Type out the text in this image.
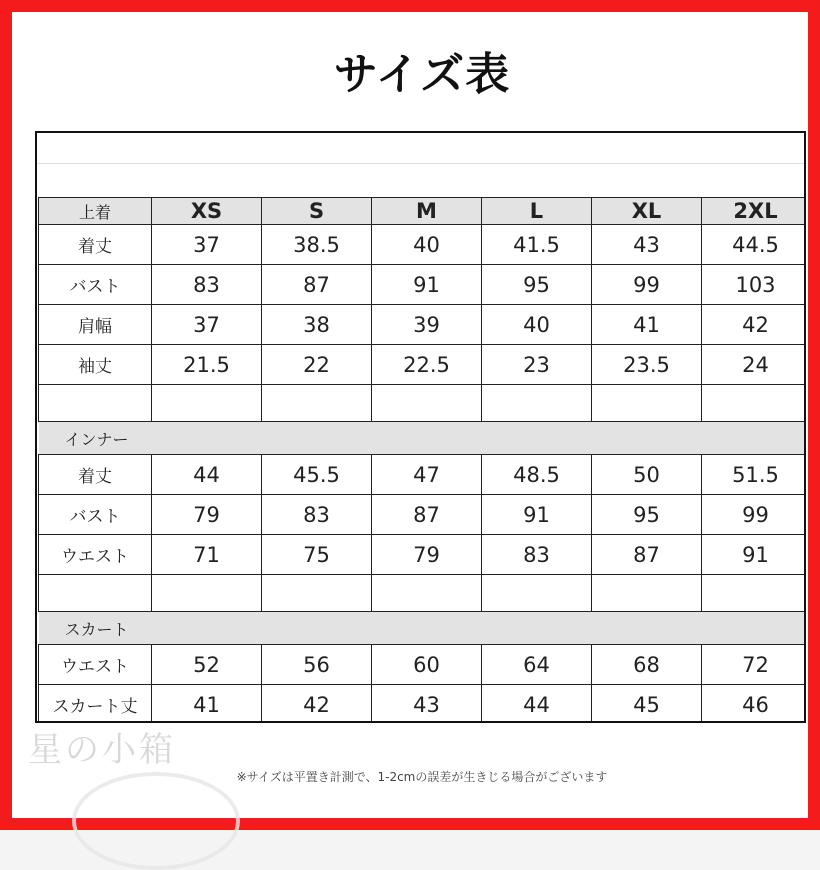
サイズ表
上着	XS	S	M	L	XL	2XL
着丈	37	38.5	40	41.5	43	44.5
バスト	83	87	91	95	99	103
肩幅	37	38	39	40	41	42
袖丈	21.5	22	22.5	23	23.5	24

インナー						
着丈	44	45.5	47	48.5	50	51.5
バスト	79	83	87	91	95	99
ウエスト	71	75	79	83	87	91

スカート						
ウエスト	52	56	60	64	68	72
スカート丈	41	42	43	44	45	46
星の小箱
※サイズは平置き計測で、1-2cmの誤差が生きじる場合がございます
